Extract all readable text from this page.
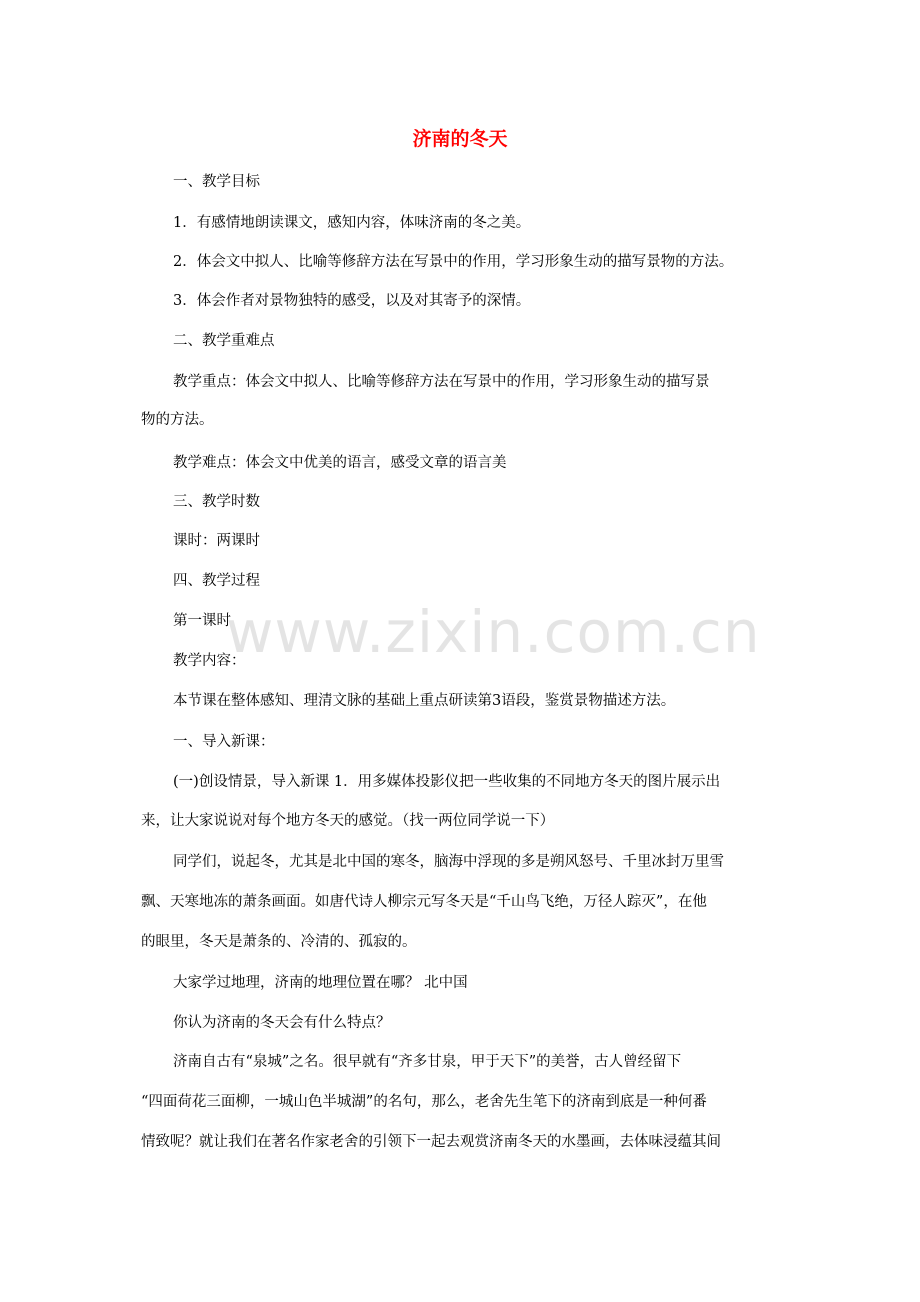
济南的冬天
一、教学目标
1．有感情地朗读课文，感知内容，体味济南的冬之美。
2．体会文中拟人、比喻等修辞方法在写景中的作用，学习形象生动的描写景物的方法。
3．体会作者对景物独特的感受，以及对其寄予的深情。
二、教学重难点
教学重点：体会文中拟人、比喻等修辞方法在写景中的作用，学习形象生动的描写景
物的方法。
教学难点：体会文中优美的语言，感受文章的语言美
三、教学时数
课时：两课时
四、教学过程
第一课时
教学内容：
本节课在整体感知、理清文脉的基础上重点研读第3语段，鉴赏景物描述方法。
一、导入新课：
(一)创设情景，导入新课 1．用多媒体投影仪把一些收集的不同地方冬天的图片展示出
来，让大家说说对每个地方冬天的感觉。（找一两位同学说一下）
同学们，说起冬，尤其是北中国的寒冬，脑海中浮现的多是朔风怒号、千里冰封万里雪
飘、天寒地冻的萧条画面。如唐代诗人柳宗元写冬天是“千山鸟飞绝，万径人踪灭”，在他
的眼里，冬天是萧条的、冷清的、孤寂的。
大家学过地理，济南的地理位置在哪？ 北中国
你认为济南的冬天会有什么特点？
济南自古有“泉城”之名。很早就有“齐多甘泉，甲于天下”的美誉，古人曾经留下
“四面荷花三面柳，一城山色半城湖”的名句，那么，老舍先生笔下的济南到底是一种何番
情致呢？就让我们在著名作家老舍的引领下一起去观赏济南冬天的水墨画，去体味浸蕴其间
www.zixin.com.cn
